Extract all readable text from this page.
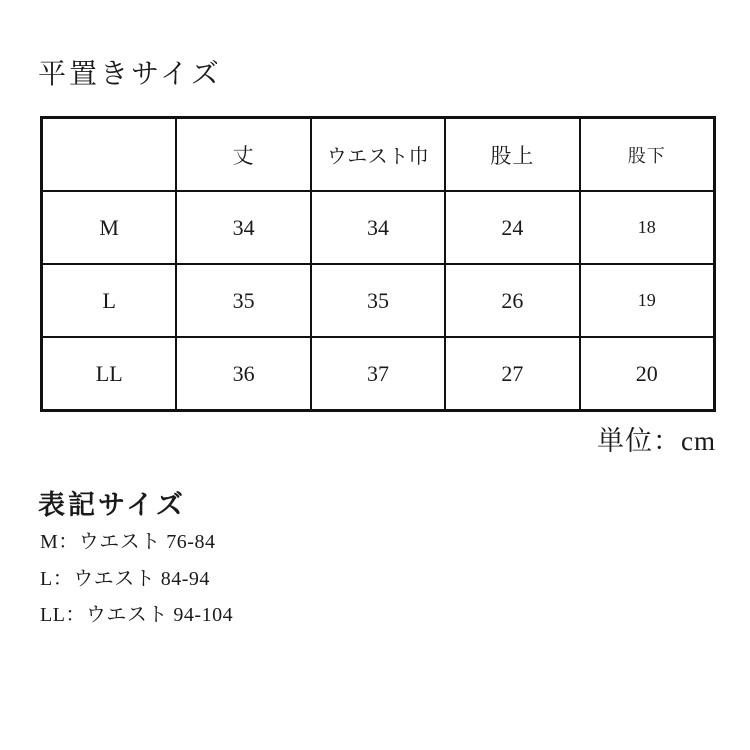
平置きサイズ
	丈	ウエスト巾	股上	股下
M	34	34	24	18
L	35	35	26	19
LL	36	37	27	20
単位：cm
表記サイズ
M：ウエスト 76-84
L：ウエスト 84-94
LL：ウエスト 94-104
